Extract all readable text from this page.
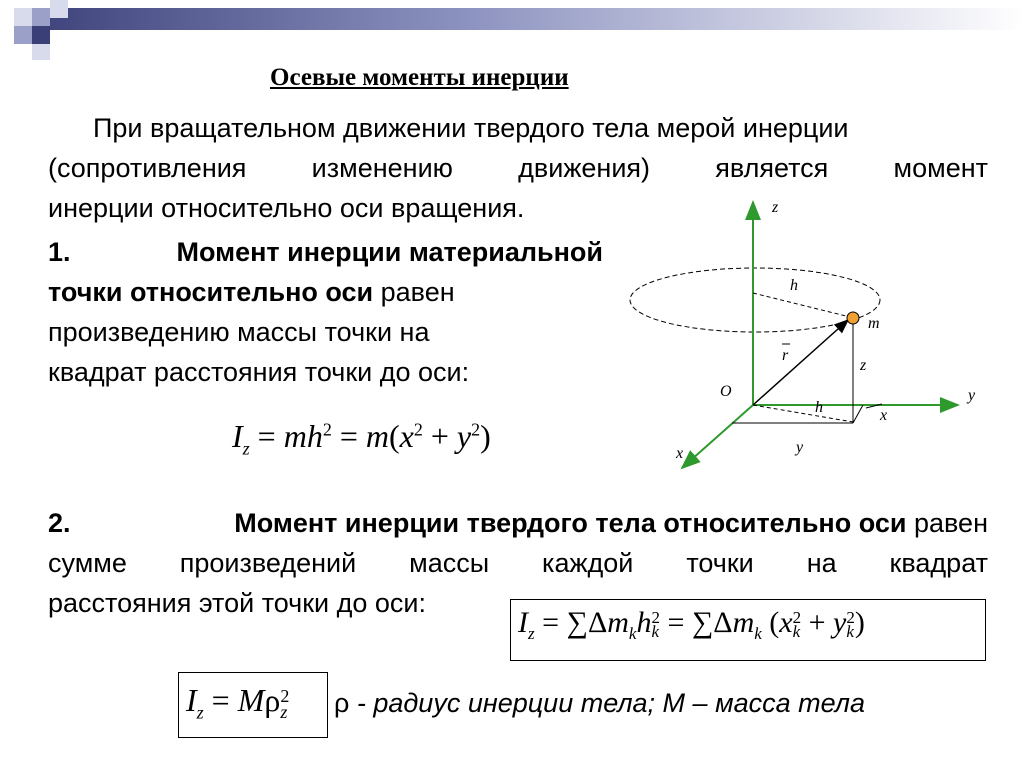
Осевые моменты инерции
При вращательном движении твердого тела мерой инерции
(сопротивления изменению движения) является момент
инерции относительно оси вращения.
1.	Момент инерции материальной
точки относительно оси равен
произведению массы точки на
квадрат расстояния точки до оси:
$I_z = mh^2 = m(x^2 + y^2)$
z
h
m
r
z
O
h	x
y
y
x
2.	Момент инерции твердого тела относительно оси равен
сумме произведений массы каждой точки на квадрат
расстояния этой точки до оси:
$I_z = \sum\Delta m_kh$ 2
$k = \sum\Delta m_k$ (x 2
k + y 2
k )
$I_z = M\rho$ 2
z ρ - радиус инерции тела; М – масса тела
